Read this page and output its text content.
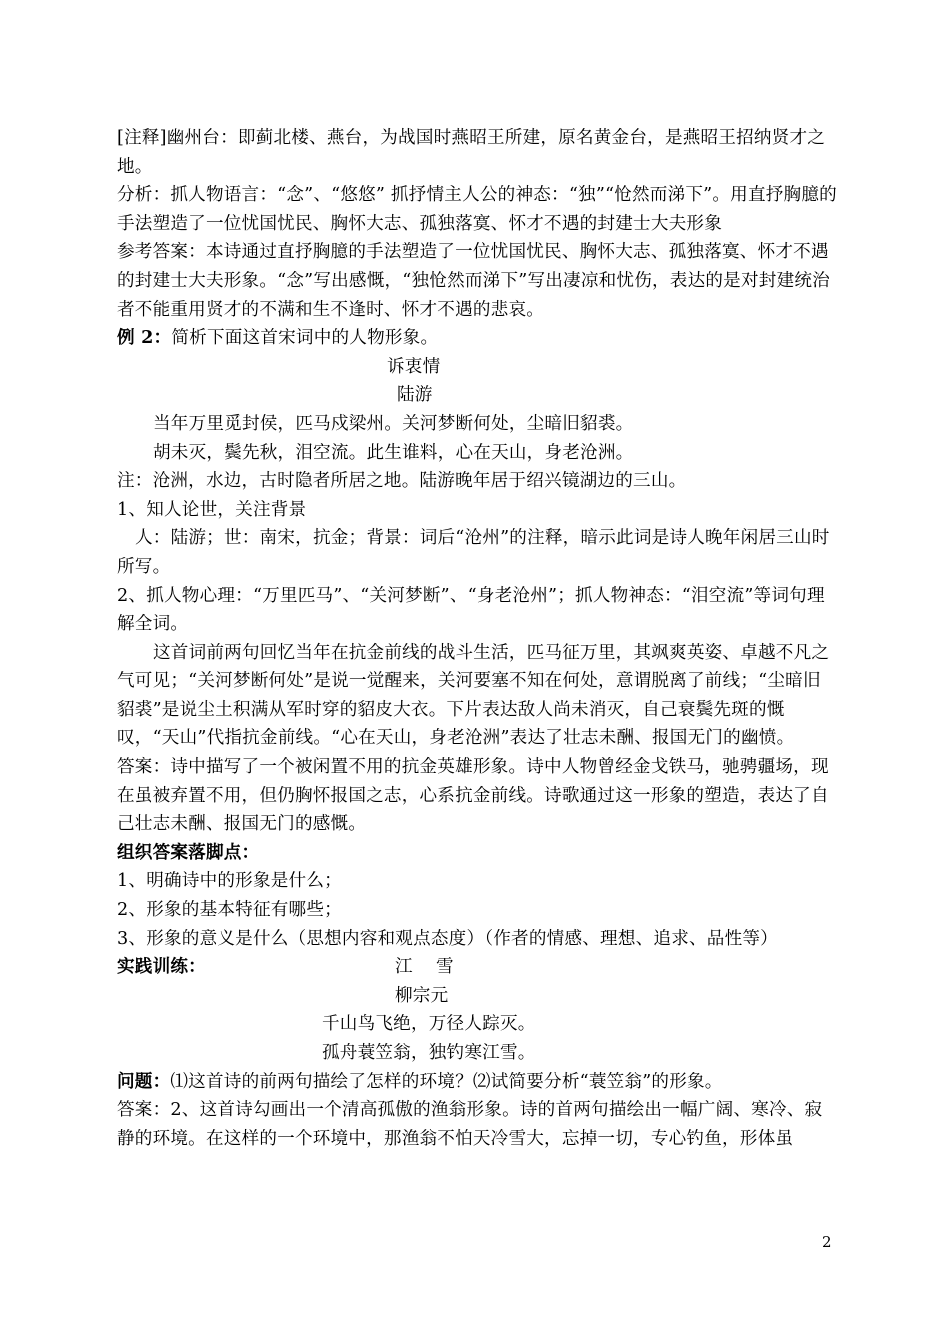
[注释]幽州台：即蓟北楼、燕台，为战国时燕昭王所建，原名黄金台，是燕昭王招纳贤才之地。

分析：抓人物语言：“念”、“悠悠” 抓抒情主人公的神态：“独”“怆然而涕下”。用直抒胸臆的手法塑造了一位忧国忧民、胸怀大志、孤独落寞、怀才不遇的封建士大夫形象

参考答案：本诗通过直抒胸臆的手法塑造了一位忧国忧民、胸怀大志、孤独落寞、怀才不遇的封建士大夫形象。“念”写出感慨，“独怆然而涕下”写出凄凉和忧伤，表达的是对封建统治者不能重用贤才的不满和生不逢时、怀才不遇的悲哀。

例 2：简析下面这首宋词中的人物形象。

诉衷情

陆游

当年万里觅封侯，匹马戍梁州。关河梦断何处，尘暗旧貂裘。

胡未灭，鬓先秋，泪空流。此生谁料，心在天山，身老沧洲。

注：沧洲，水边，古时隐者所居之地。陆游晚年居于绍兴镜湖边的三山。

1、知人论世，关注背景

人：陆游；世：南宋，抗金；背景：词后“沧州”的注释，暗示此词是诗人晚年闲居三山时所写。

2、抓人物心理：“万里匹马”、“关河梦断”、“身老沧州”；抓人物神态：“泪空流”等词句理解全词。

这首词前两句回忆当年在抗金前线的战斗生活，匹马征万里，其飒爽英姿、卓越不凡之气可见；“关河梦断何处”是说一觉醒来，关河要塞不知在何处，意谓脱离了前线；“尘暗旧貂裘”是说尘土积满从军时穿的貂皮大衣。下片表达敌人尚未消灭，自己衰鬓先斑的慨叹，“天山”代指抗金前线。“心在天山，身老沧洲”表达了壮志未酬、报国无门的幽愤。

答案：诗中描写了一个被闲置不用的抗金英雄形象。诗中人物曾经金戈铁马，驰骋疆场，现在虽被弃置不用，但仍胸怀报国之志，心系抗金前线。诗歌通过这一形象的塑造，表达了自己壮志未酬、报国无门的感慨。

组织答案落脚点：

1、明确诗中的形象是什么；

2、形象的基本特征有哪些；

3、形象的意义是什么（思想内容和观点态度）（作者的情感、理想、追求、品性等）

实践训练：	江    雪

柳宗元

千山鸟飞绝，万径人踪灭。

孤舟蓑笠翁，独钓寒江雪。

问题：⑴这首诗的前两句描绘了怎样的环境？⑵试简要分析“蓑笠翁”的形象。

答案：2、这首诗勾画出一个清高孤傲的渔翁形象。诗的首两句描绘出一幅广阔、寒冷、寂静的环境。在这样的一个环境中，那渔翁不怕天冷雪大，忘掉一切，专心钓鱼，形体虽

2
